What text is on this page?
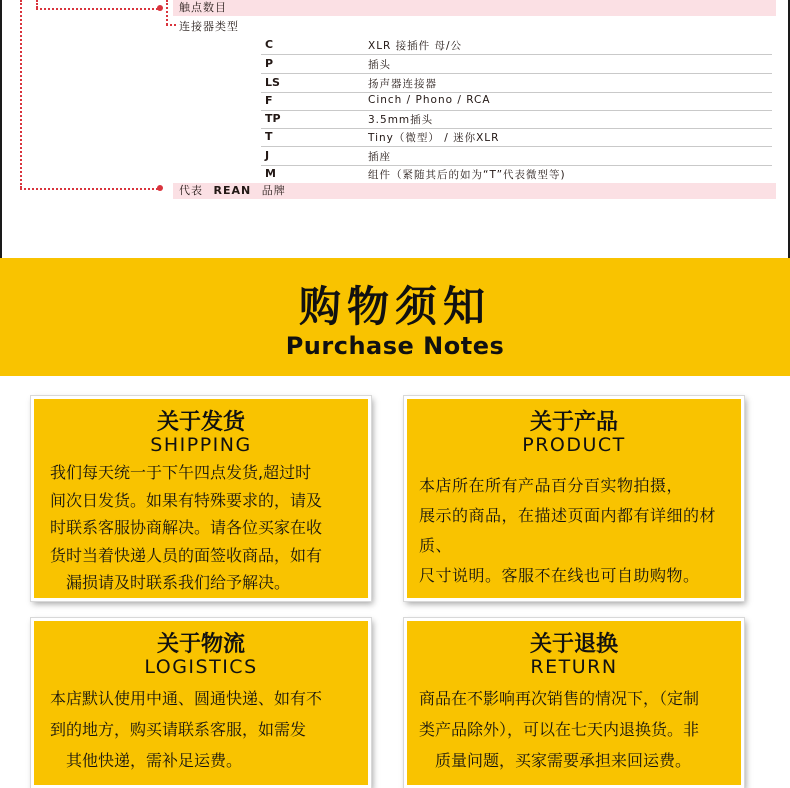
触点数目
连接器类型
C	XLR 接插件 母/公
P	插头
LS	扬声器连接器
F	Cinch / Phono / RCA
TP	3.5mm插头
T	Tiny（微型） / 迷你XLR
J	插座
M	组件（紧随其后的如为“T”代表微型等)
代表 REAN 品牌
购物须知
Purchase Notes
关于发货
SHIPPING
我们每天统一于下午四点发货,超过时
间次日发货。如果有特殊要求的，请及
时联系客服协商解决。请各位买家在收
货时当着快递人员的面签收商品，如有
　漏损请及时联系我们给予解决。
关于产品
PRODUCT
本店所在所有产品百分百实物拍摄，
展示的商品，在描述页面内都有详细的材质、
尺寸说明。客服不在线也可自助购物。
关于物流
LOGISTICS
本店默认使用中通、圆通快递、如有不
到的地方，购买请联系客服，如需发
　其他快递，需补足运费。
关于退换
RETURN
商品在不影响再次销售的情况下，（定制
类产品除外），可以在七天内退换货。非
　质量问题，买家需要承担来回运费。
